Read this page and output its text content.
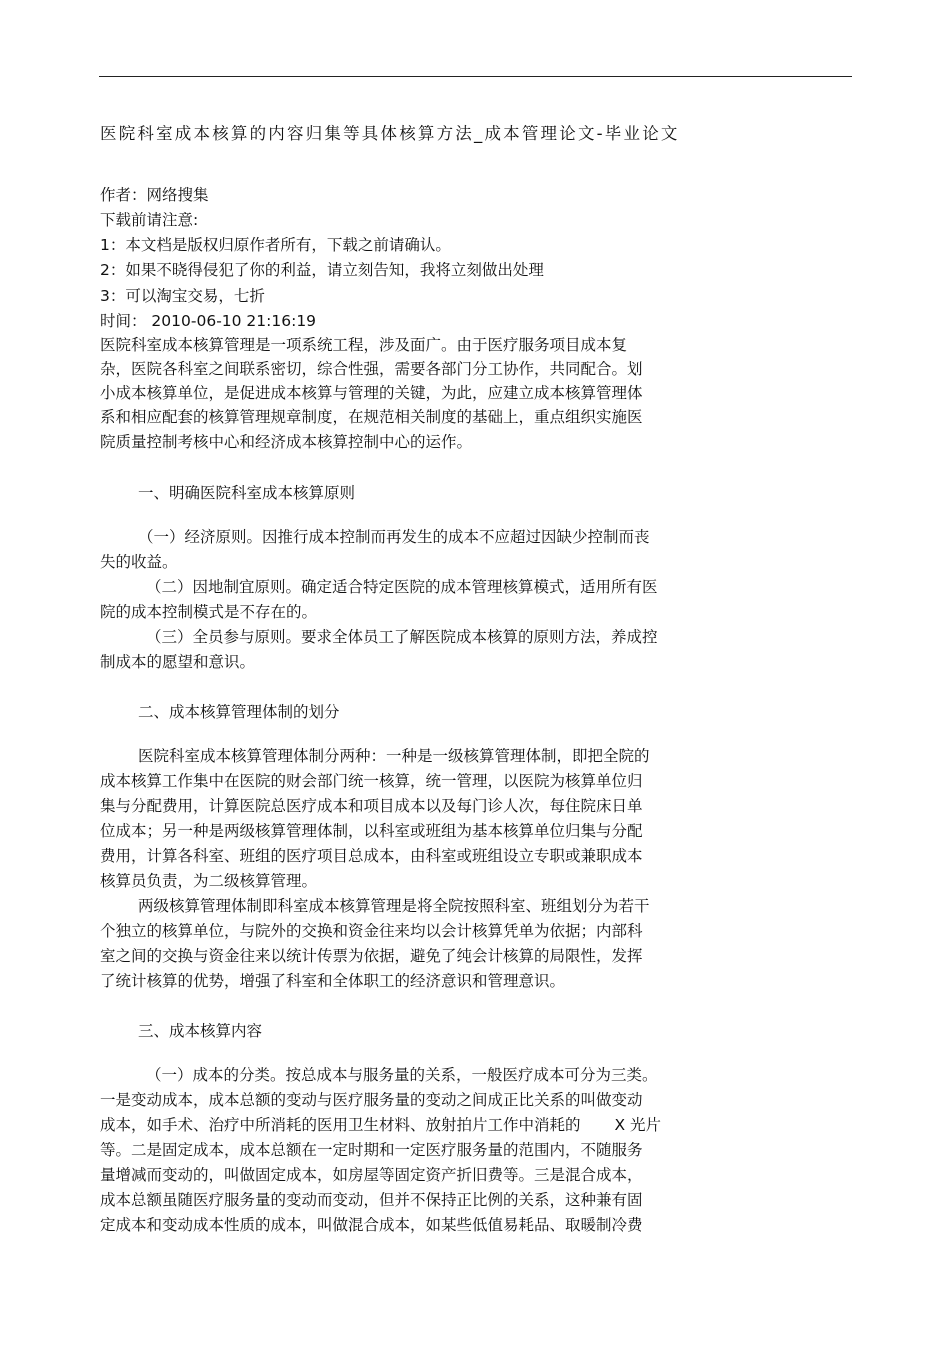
医院科室成本核算的内容归集等具体核算方法_成本管理论文-毕业论文
作者：网络搜集
下载前请注意:
1：本文档是版权归原作者所有，下载之前请确认。
2：如果不晓得侵犯了你的利益，请立刻告知，我将立刻做出处理
3：可以淘宝交易，七折
时间： 2010-06-10 21:16:19
医院科室成本核算管理是一项系统工程，涉及面广。由于医疗服务项目成本复
杂，医院各科室之间联系密切，综合性强，需要各部门分工协作，共同配合。划
小成本核算单位，是促进成本核算与管理的关键，为此，应建立成本核算管理体
系和相应配套的核算管理规章制度，在规范相关制度的基础上，重点组织实施医
院质量控制考核中心和经济成本核算控制中心的运作。
一、明确医院科室成本核算原则
（一）经济原则。因推行成本控制而再发生的成本不应超过因缺少控制而丧
失的收益。
（二）因地制宜原则。确定适合特定医院的成本管理核算模式，适用所有医
院的成本控制模式是不存在的。
（三）全员参与原则。要求全体员工了解医院成本核算的原则方法，养成控
制成本的愿望和意识。
二、成本核算管理体制的划分
医院科室成本核算管理体制分两种：一种是一级核算管理体制，即把全院的
成本核算工作集中在医院的财会部门统一核算，统一管理，以医院为核算单位归
集与分配费用，计算医院总医疗成本和项目成本以及每门诊人次，每住院床日单
位成本；另一种是两级核算管理体制，以科室或班组为基本核算单位归集与分配
费用，计算各科室、班组的医疗项目总成本，由科室或班组设立专职或兼职成本
核算员负责，为二级核算管理。
两级核算管理体制即科室成本核算管理是将全院按照科室、班组划分为若干
个独立的核算单位，与院外的交换和资金往来均以会计核算凭单为依据；内部科
室之间的交换与资金往来以统计传票为依据，避免了纯会计核算的局限性，发挥
了统计核算的优势，增强了科室和全体职工的经济意识和管理意识。
三、成本核算内容
（一）成本的分类。按总成本与服务量的关系，一般医疗成本可分为三类。
一是变动成本，成本总额的变动与医疗服务量的变动之间成正比关系的叫做变动
成本，如手术、治疗中所消耗的医用卫生材料、放射拍片工作中消耗的 X 光片
等。二是固定成本，成本总额在一定时期和一定医疗服务量的范围内，不随服务
量增减而变动的，叫做固定成本，如房屋等固定资产折旧费等。三是混合成本，
成本总额虽随医疗服务量的变动而变动，但并不保持正比例的关系，这种兼有固
定成本和变动成本性质的成本，叫做混合成本，如某些低值易耗品、取暖制冷费
